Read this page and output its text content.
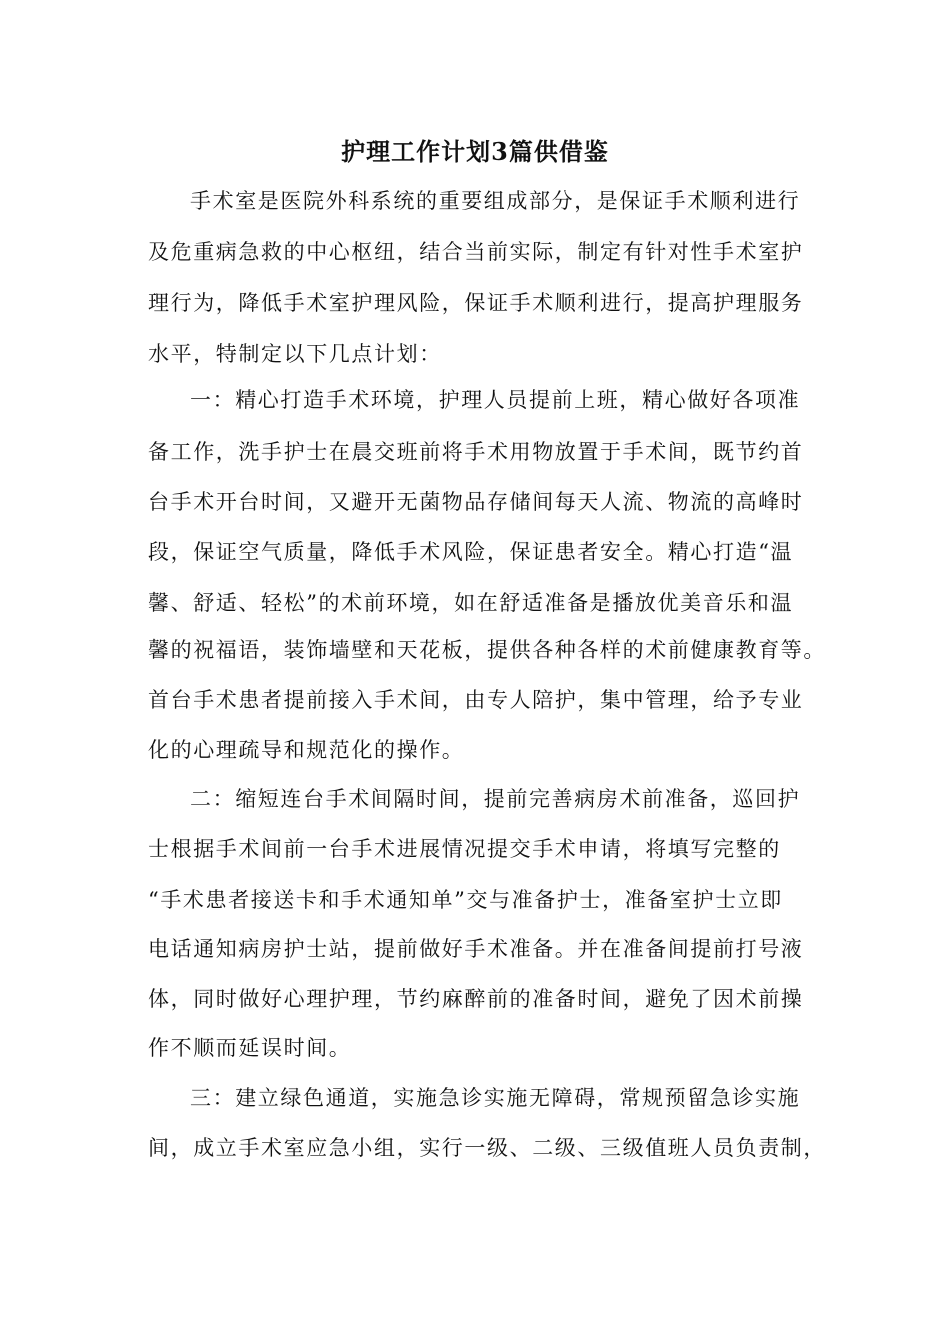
护理工作计划3篇供借鉴
手术室是医院外科系统的重要组成部分，是保证手术顺利进行
及危重病急救的中心枢纽，结合当前实际，制定有针对性手术室护
理行为，降低手术室护理风险，保证手术顺利进行，提高护理服务
水平，特制定以下几点计划：
一：精心打造手术环境，护理人员提前上班，精心做好各项准
备工作，洗手护士在晨交班前将手术用物放置于手术间，既节约首
台手术开台时间，又避开无菌物品存储间每天人流、物流的高峰时
段，保证空气质量，降低手术风险，保证患者安全。精心打造“温
馨、舒适、轻松”的术前环境，如在舒适准备是播放优美音乐和温
馨的祝福语，装饰墙壁和天花板，提供各种各样的术前健康教育等。
首台手术患者提前接入手术间，由专人陪护，集中管理，给予专业
化的心理疏导和规范化的操作。
二：缩短连台手术间隔时间，提前完善病房术前准备，巡回护
士根据手术间前一台手术进展情况提交手术申请，将填写完整的
“手术患者接送卡和手术通知单”交与准备护士，准备室护士立即
电话通知病房护士站，提前做好手术准备。并在准备间提前打号液
体，同时做好心理护理，节约麻醉前的准备时间，避免了因术前操
作不顺而延误时间。
三：建立绿色通道，实施急诊实施无障碍，常规预留急诊实施
间，成立手术室应急小组，实行一级、二级、三级值班人员负责制，
